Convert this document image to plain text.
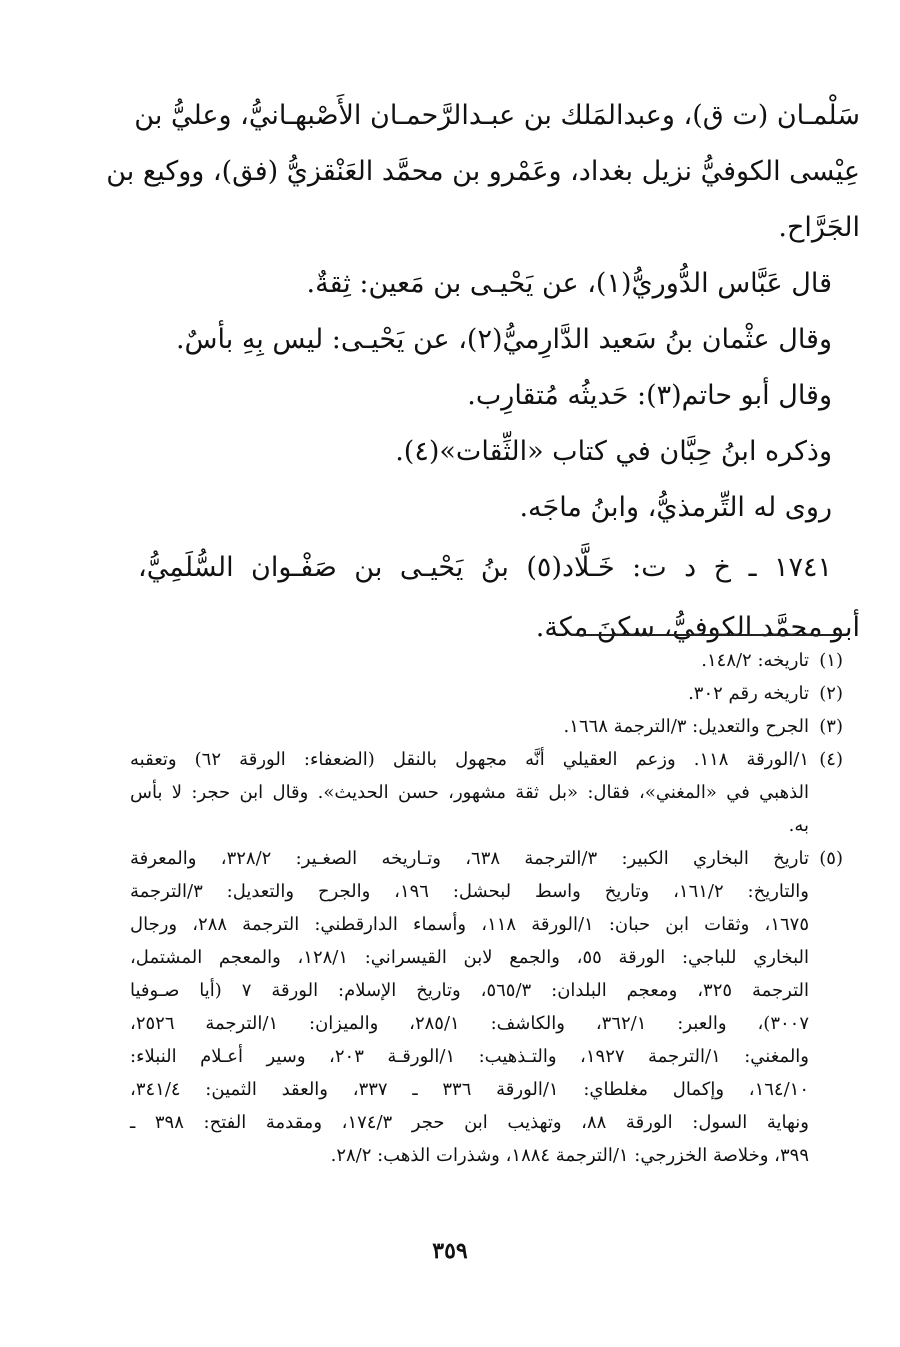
سَلْمـان (ت ق)، وعبدالمَلك بن عبـدالرَّحمـان الأَصْبهـانيُّ، وعليُّ بن
عِيْسى الكوفيُّ نزيل بغداد، وعَمْرو بن محمَّد العَنْقزيُّ (فق)، ووكيع بن
الجَرَّاح.
قال عَبَّاس الدُّوريُّ(١)، عن يَحْيـى بن مَعين: ثِقةٌ.
وقال عثْمان بنُ سَعيد الدَّارِميُّ(٢)، عن يَحْيـى: ليس بِهِ بأسٌ.
وقال أبو حاتم(٣): حَديثُه مُتقارِب.
وذكره ابنُ حِبَّان في كتاب «الثِّقات»(٤).
روى له التِّرمذيُّ، وابنُ ماجَه.
١٧٤١ ـ خ د ت: خَـلَّاد(٥) بنُ يَحْيـى بن صَفْـوان السُّلَمِيُّ،
أبو محمَّد الكوفيُّ، سكنَ مكة.
(١)
تاريخه: ١٤٨/٢.
(٢)
تاريخه رقم ٣٠٢.
(٣)
الجرح والتعديل: ٣/الترجمة ١٦٦٨.
(٤)
١/الورقة ١١٨. وزعم العقيلي أنَّه مجهول بالنقل (الضعفاء: الورقة ٦٢) وتعقبه
الذهبي في «المغني»، فقال: «بل ثقة مشهور، حسن الحديث». وقال ابن حجر: لا بأس
به.
(٥)
تاريخ البخاري الكبير: ٣/الترجمة ٦٣٨، وتـاريخه الصغـير: ٣٢٨/٢، والمعرفة
والتاريخ: ١٦١/٢، وتاريخ واسط لبحشل: ١٩٦، والجرح والتعديل: ٣/الترجمة
١٦٧٥، وثقات ابن حبان: ١/الورقة ١١٨، وأسماء الدارقطني: الترجمة ٢٨٨، ورجال
البخاري للباجي: الورقة ٥٥، والجمع لابن القيسراني: ١٢٨/١، والمعجم المشتمل،
الترجمة ٣٢٥، ومعجم البلدان: ٥٦٥/٣، وتاريخ الإسلام: الورقة ٧ (أيا صـوفيا
٣٠٠٧)، والعبر: ٣٦٢/١، والكاشف: ٢٨٥/١، والميزان: ١/الترجمة ٢٥٢٦،
والمغني: ١/الترجمة ١٩٢٧، والتـذهيب: ١/الورقـة ٢٠٣، وسير أعـلام النبلاء:
١٦٤/١٠، وإكمال مغلطاي: ١/الورقة ٣٣٦ ـ ٣٣٧، والعقد الثمين: ٣٤١/٤،
ونهاية السول: الورقة ٨٨، وتهذيب ابن حجر ١٧٤/٣، ومقدمة الفتح: ٣٩٨ ـ
٣٩٩، وخلاصة الخزرجي: ١/الترجمة ١٨٨٤، وشذرات الذهب: ٢٨/٢.
٣٥٩
